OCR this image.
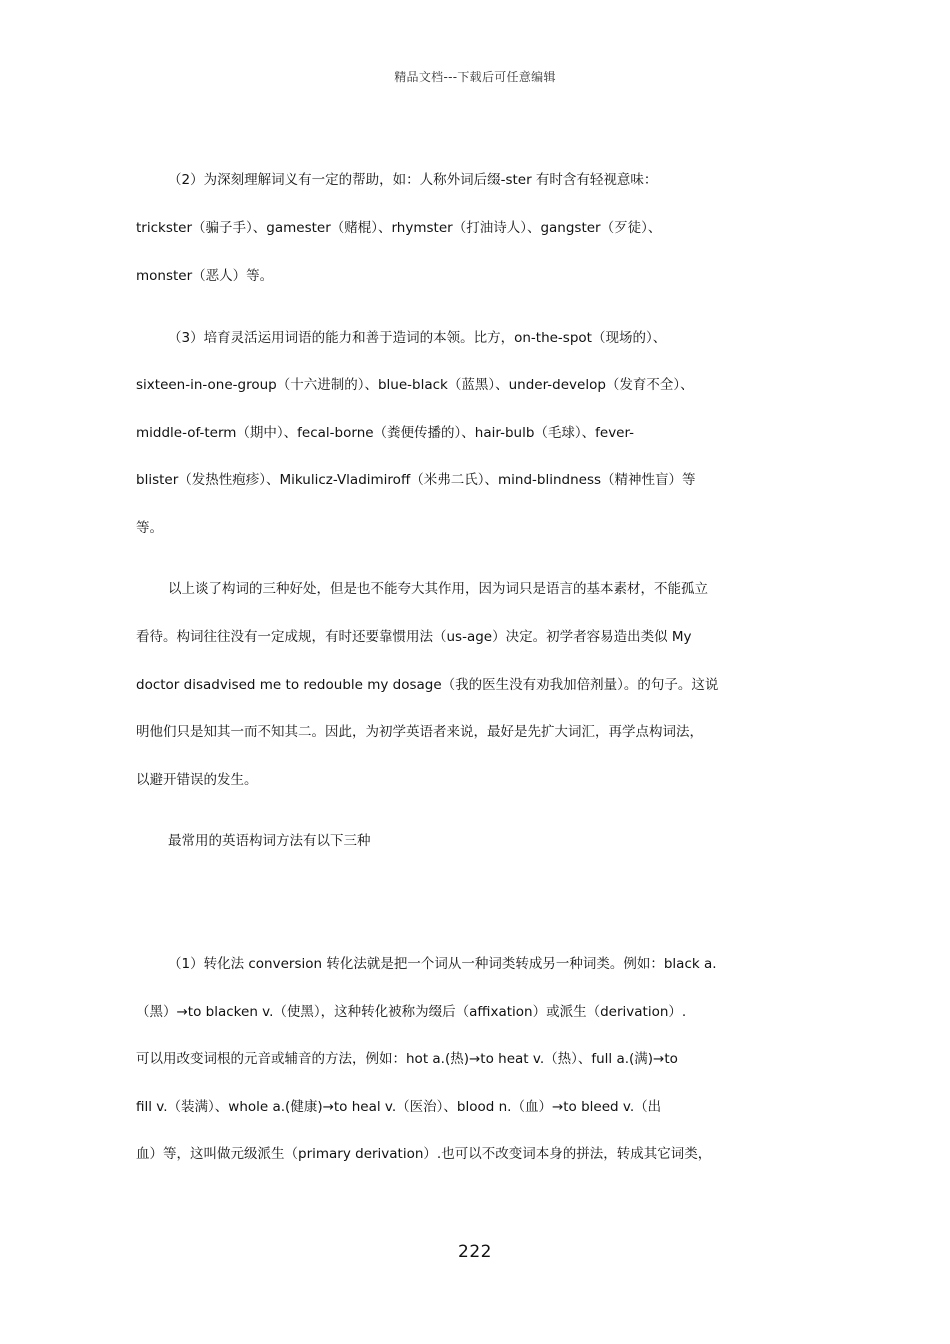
精品文档---下载后可任意编辑
（2）为深刻理解词义有一定的帮助，如：人称外词后缀-ster 有时含有轻视意味：
trickster（骗子手）、gamester（赌棍）、rhymster（打油诗人）、gangster（歹徒）、
monster（恶人）等。
（3）培育灵活运用词语的能力和善于造词的本领。比方，on-the-spot（现场的）、
sixteen-in-one-group（十六进制的）、blue-black（蓝黑）、under-develop（发育不全）、
middle-of-term（期中）、fecal-borne（粪便传播的）、hair-bulb（毛球）、fever-
blister（发热性疱疹）、Mikulicz-Vladimiroff（米弗二氏）、mind-blindness（精神性盲）等
等。
以上谈了构词的三种好处，但是也不能夸大其作用，因为词只是语言的基本素材，不能孤立
看待。构词往往没有一定成规，有时还要靠惯用法（us-age）决定。初学者容易造出类似 My
doctor disadvised me to redouble my dosage（我的医生没有劝我加倍剂量）。的句子。这说
明他们只是知其一而不知其二。因此，为初学英语者来说，最好是先扩大词汇，再学点构词法，
以避开错误的发生。
最常用的英语构词方法有以下三种
（1）转化法 conversion 转化法就是把一个词从一种词类转成另一种词类。例如：black a.
（黑）→to blacken v.（使黑），这种转化被称为缀后（affixation）或派生（derivation）.
可以用改变词根的元音或辅音的方法，例如：hot a.(热)→to heat v.（热）、full a.(满)→to
fill v.（装满）、whole a.(健康)→to heal v.（医治）、blood n.（血）→to bleed v.（出
血）等，这叫做元级派生（primary derivation）.也可以不改变词本身的拼法，转成其它词类，
222
